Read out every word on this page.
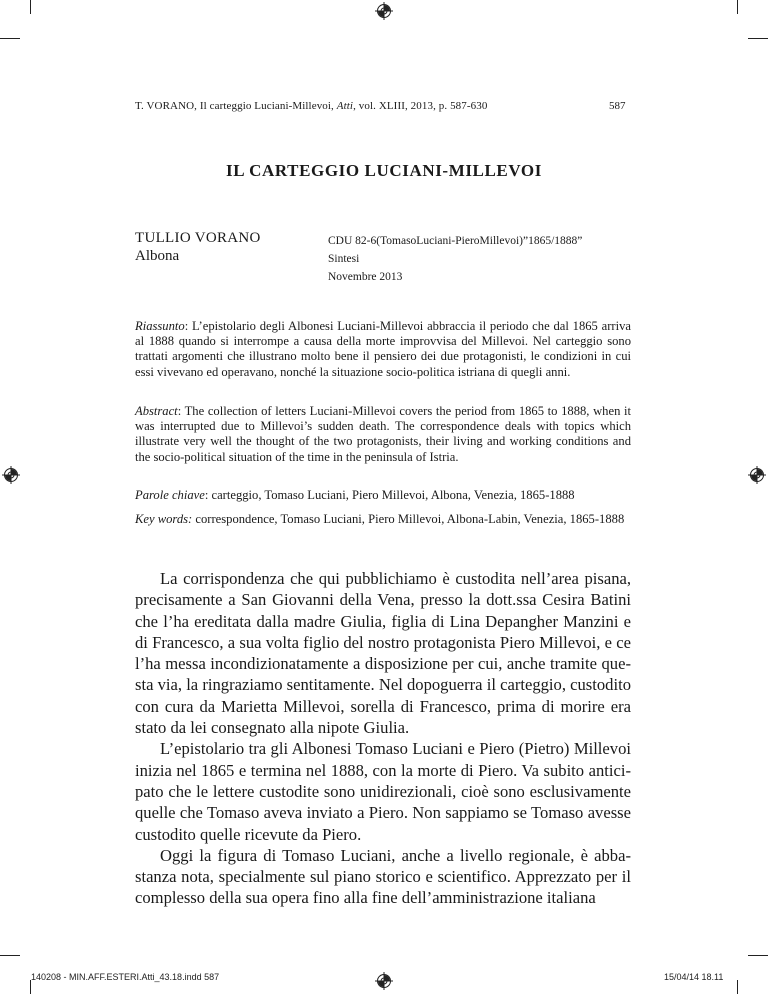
T. VORANO, Il carteggio Luciani-Millevoi, Atti, vol. XLIII, 2013, p. 587-630	587
IL CARTEGGIO LUCIANI-MILLEVOI
TULLIO VORANO
Albona
CDU 82-6(TomasoLuciani-PieroMillevoi)”1865/1888”
Sintesi
Novembre 2013
Riassunto: L’epistolario degli Albonesi Luciani-Millevoi abbraccia il periodo che dal 1865 arriva al 1888 quando si interrompe a causa della morte improvvisa del Millevoi. Nel carteggio sono trattati argomenti che illustrano molto bene il pensiero dei due protagonisti, le condizioni in cui essi vivevano ed operavano, nonché la situazione socio-politica istriana di quegli anni.
Abstract: The collection of letters Luciani-Millevoi covers the period from 1865 to 1888, when it was interrupted due to Millevoi’s sudden death. The correspondence deals with topics which illustrate very well the thought of the two protagonists, their living and working conditions and the socio-political situation of the time in the peninsula of Istria.
Parole chiave: carteggio, Tomaso Luciani, Piero Millevoi, Albona, Venezia, 1865-1888
Key words: correspondence, Tomaso Luciani, Piero Millevoi, Albona-Labin, Venezia, 1865-1888

La corrispondenza che qui pubblichiamo è custodita nell’area pisana, precisamente a San Giovanni della Vena, presso la dott.ssa Cesira Batini che l’ha ereditata dalla madre Giulia, figlia di Lina Depangher Manzini e di Francesco, a sua volta figlio del nostro protagonista Piero Millevoi, e ce l’ha messa incondizionatamente a disposizione per cui, anche tramite questa via, la ringraziamo sentitamente. Nel dopoguerra il carteggio, custodito con cura da Marietta Millevoi, sorella di Francesco, prima di morire era stato da lei consegnato alla nipote Giulia.

L’epistolario tra gli Albonesi Tomaso Luciani e Piero (Pietro) Millevoi inizia nel 1865 e termina nel 1888, con la morte di Piero. Va subito anticipato che le lettere custodite sono unidirezionali, cioè sono esclusivamente quelle che Tomaso aveva inviato a Piero. Non sappiamo se Tomaso avesse custodito quelle ricevute da Piero.

Oggi la figura di Tomaso Luciani, anche a livello regionale, è abbastanza nota, specialmente sul piano storico e scientifico. Apprezzato per il complesso della sua opera fino alla fine dell’amministrazione italiana

140208 - MIN.AFF.ESTERI.Atti_43.18.indd 587	15/04/14 18.11
